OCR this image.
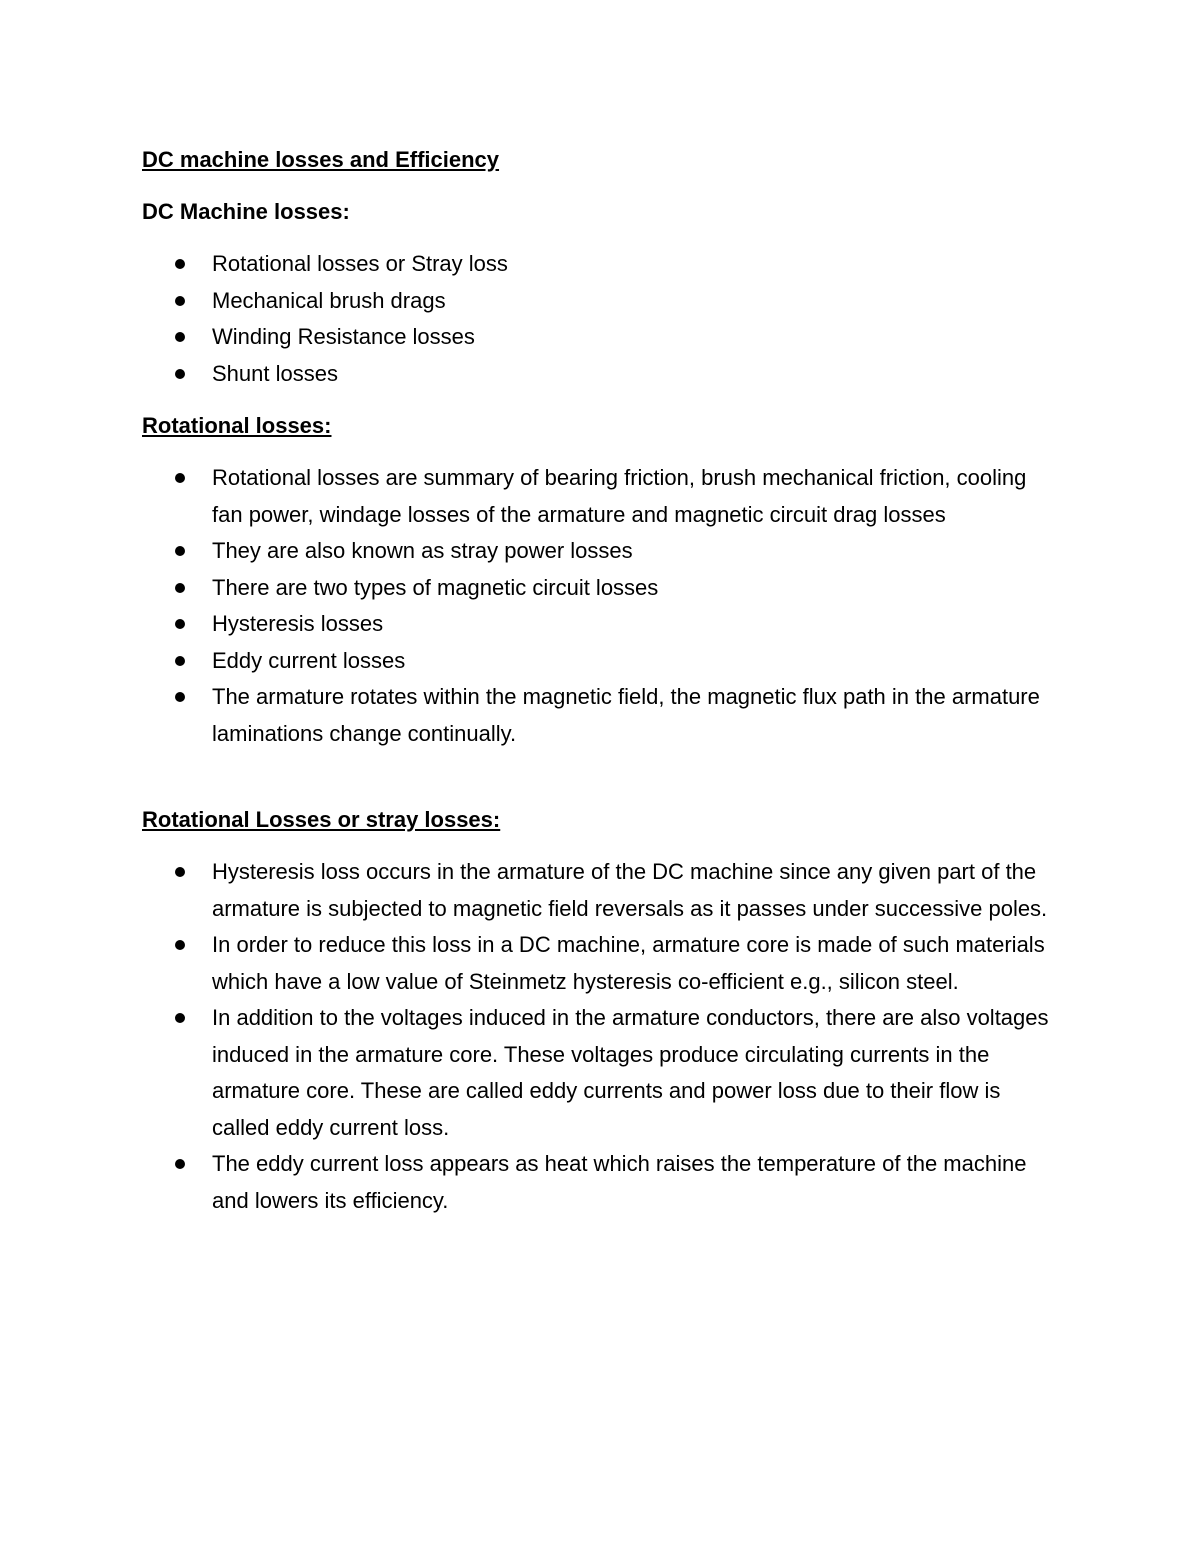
DC machine losses and Efficiency
DC Machine losses:
Rotational losses or Stray loss
Mechanical brush drags
Winding Resistance losses
Shunt losses
Rotational losses:
Rotational losses are summary of bearing friction, brush mechanical friction, cooling fan power, windage losses of the armature and magnetic circuit drag losses
They are also known as stray power losses
There are two types of magnetic circuit losses
Hysteresis losses
Eddy current losses
The armature rotates within the magnetic field, the magnetic flux path in the armature laminations change continually.
Rotational Losses or stray losses:
Hysteresis loss occurs in the armature of the DC machine since any given part of the armature is subjected to magnetic field reversals as it passes under successive poles.
In order to reduce this loss in a DC machine, armature core is made of such materials which have a low value of Steinmetz hysteresis co-efficient e.g., silicon steel.
In addition to the voltages induced in the armature conductors, there are also voltages induced in the armature core. These voltages produce circulating currents in the armature core. These are called eddy currents and power loss due to their flow is called eddy current loss.
The eddy current loss appears as heat which raises the temperature of the machine and lowers its efficiency.
